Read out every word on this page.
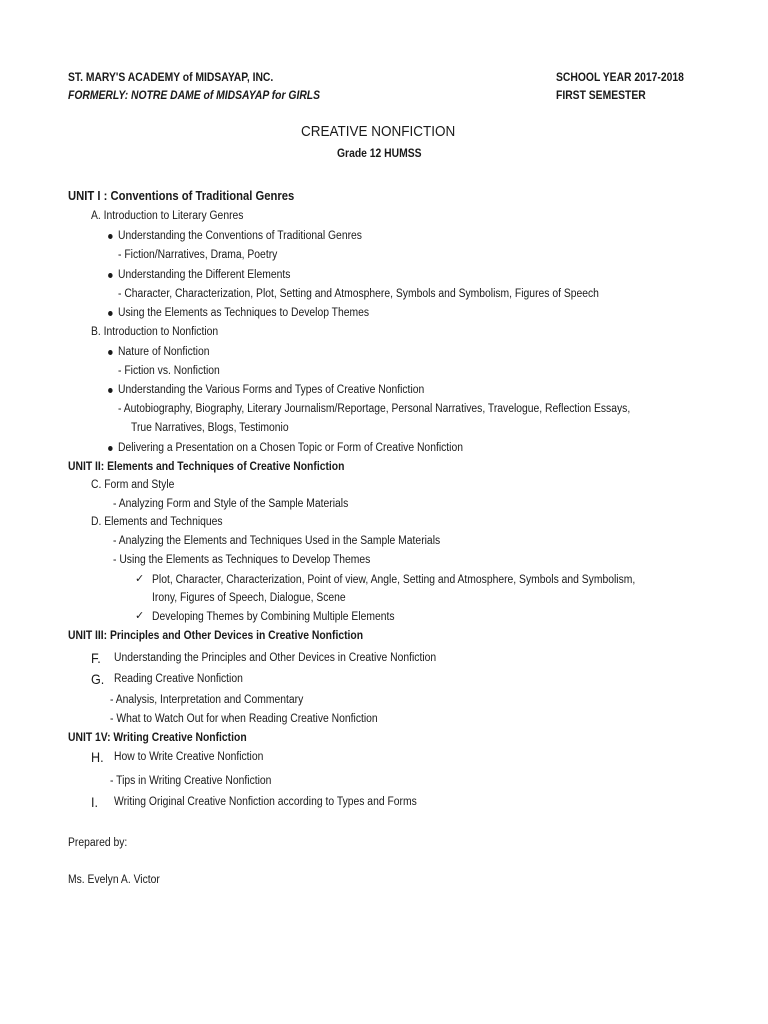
ST. MARY'S ACADEMY of MIDSAYAP, INC.
FORMERLY: NOTRE DAME of MIDSAYAP for GIRLS
SCHOOL YEAR 2017-2018
FIRST SEMESTER
CREATIVE NONFICTION
Grade 12 HUMSS
UNIT I : Conventions of Traditional Genres
A. Introduction to Literary Genres
Understanding the Conventions of Traditional Genres
- Fiction/Narratives, Drama, Poetry
Understanding the Different Elements
- Character, Characterization, Plot, Setting and Atmosphere, Symbols and Symbolism, Figures of Speech
Using the Elements as Techniques to Develop Themes
B. Introduction to Nonfiction
Nature of Nonfiction
- Fiction vs. Nonfiction
Understanding the Various Forms and Types of Creative Nonfiction
- Autobiography, Biography, Literary Journalism/Reportage, Personal Narratives, Travelogue, Reflection Essays,
True Narratives, Blogs, Testimonio
Delivering a Presentation on a Chosen Topic or Form of Creative Nonfiction
UNIT II: Elements and Techniques of Creative Nonfiction
C. Form and Style
- Analyzing Form and Style of the Sample Materials
D. Elements and Techniques
- Analyzing the Elements and Techniques Used in the Sample Materials
- Using the Elements as Techniques to Develop Themes
✓ Plot, Character, Characterization, Point of view, Angle, Setting and Atmosphere, Symbols and Symbolism,
Irony, Figures of Speech, Dialogue, Scene
✓ Developing Themes by Combining Multiple Elements
UNIT III: Principles and Other Devices in Creative Nonfiction
F. Understanding the Principles and Other Devices in Creative Nonfiction
G. Reading Creative Nonfiction
- Analysis, Interpretation and Commentary
- What to Watch Out for when Reading Creative Nonfiction
UNIT 1V: Writing Creative Nonfiction
H. How to Write Creative Nonfiction
- Tips in Writing Creative Nonfiction
I. Writing Original Creative Nonfiction according to Types and Forms
Prepared by:
Ms. Evelyn A. Victor
